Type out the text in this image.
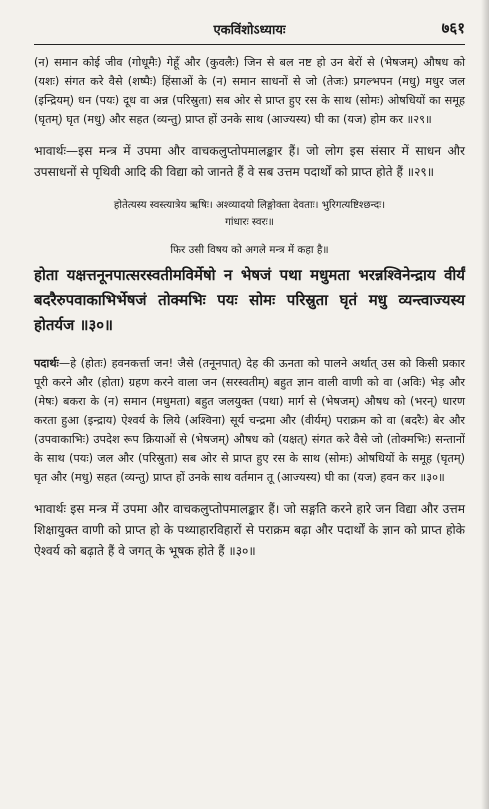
एकविंशोऽध्यायः	७६१

(न) समान कोई जीव (गोधूमैः) गेहूँ और (कुवलैः) जिन से बल नष्ट हो उन बेरों से (भेषजम्) औषध को (यशः) संगत करे वैसे (शष्पैः) हिंसाओं के (न) समान साधनों से जो (तेजः) प्रगल्भपन (मधु) मधुर जल (इन्द्रियम्) धन (पयः) दूध वा अन्न (परिस्रुता) सब ओर से प्राप्त हुए रस के साथ (सोमः) ओषधियों का समूह (घृतम्) घृत (मधु) और सहत (व्यन्तु) प्राप्त हों उनके साथ (आज्यस्य) घी का (यज) होम कर ॥२९॥

भावार्थः—इस मन्त्र में उपमा और वाचकलुप्तोपमालङ्कार हैं। जो लोग इस संसार में साधन और उपसाधनों से पृथिवी आदि की विद्या को जानते हैं वे सब उत्तम पदार्थों को प्राप्त होते हैं ॥२९॥

होतेत्यस्य स्वस्त्यात्रेय ऋषिः। अश्व्यादयो लिङ्गोक्ता देवताः। भुरिगत्यष्टिश्छन्दः।
गांधारः स्वरः॥
फिर उसी विषय को अगले मन्त्र में कहा है॥
होता यक्षत्तनूनपात्सरस्वतीमविर्मेषो न भेषजं पथा मधुमता भरन्नश्विनेन्द्राय वीर्यं बदरैरुपवाकाभिर्भेषजं तोक्मभिः पयः सोमः परिस्रुता घृतं मधु व्यन्त्वाज्यस्य होतर्यज ॥३०॥

पदार्थः—हे (होतः) हवनकर्त्ता जन! जैसे (तनूनपात्) देह की ऊनता को पालने अर्थात् उस को किसी प्रकार पूरी करने और (होता) ग्रहण करने वाला जन (सरस्वतीम्) बहुत ज्ञान वाली वाणी को वा (अविः) भेड़ और (मेषः) बकरा के (न) समान (मधुमता) बहुत जलयुक्त (पथा) मार्ग से (भेषजम्) औषध को (भरन्) धारण करता हुआ (इन्द्राय) ऐश्वर्य के लिये (अश्विना) सूर्य चन्द्रमा और (वीर्यम्) पराक्रम को वा (बदरैः) बेर और (उपवाकाभिः) उपदेश रूप क्रियाओं से (भेषजम्) औषध को (यक्षत्) संगत करे वैसे जो (तोक्मभिः) सन्तानों के साथ (पयः) जल और (परिस्रुता) सब ओर से प्राप्त हुए रस के साथ (सोमः) ओषधियों के समूह (घृतम्) घृत और (मधु) सहत (व्यन्तु) प्राप्त हों उनके साथ वर्तमान तू (आज्यस्य) घी का (यज) हवन कर ॥३०॥

भावार्थः इस मन्त्र में उपमा और वाचकलुप्तोपमालङ्कार हैं। जो सङ्गति करने हारे जन विद्या और उत्तम शिक्षायुक्त वाणी को प्राप्त हो के पथ्याहारविहारों से पराक्रम बढ़ा और पदार्थों के ज्ञान को प्राप्त होके ऐश्वर्य को बढ़ाते हैं वे जगत् के भूषक होते हैं ॥३०॥
